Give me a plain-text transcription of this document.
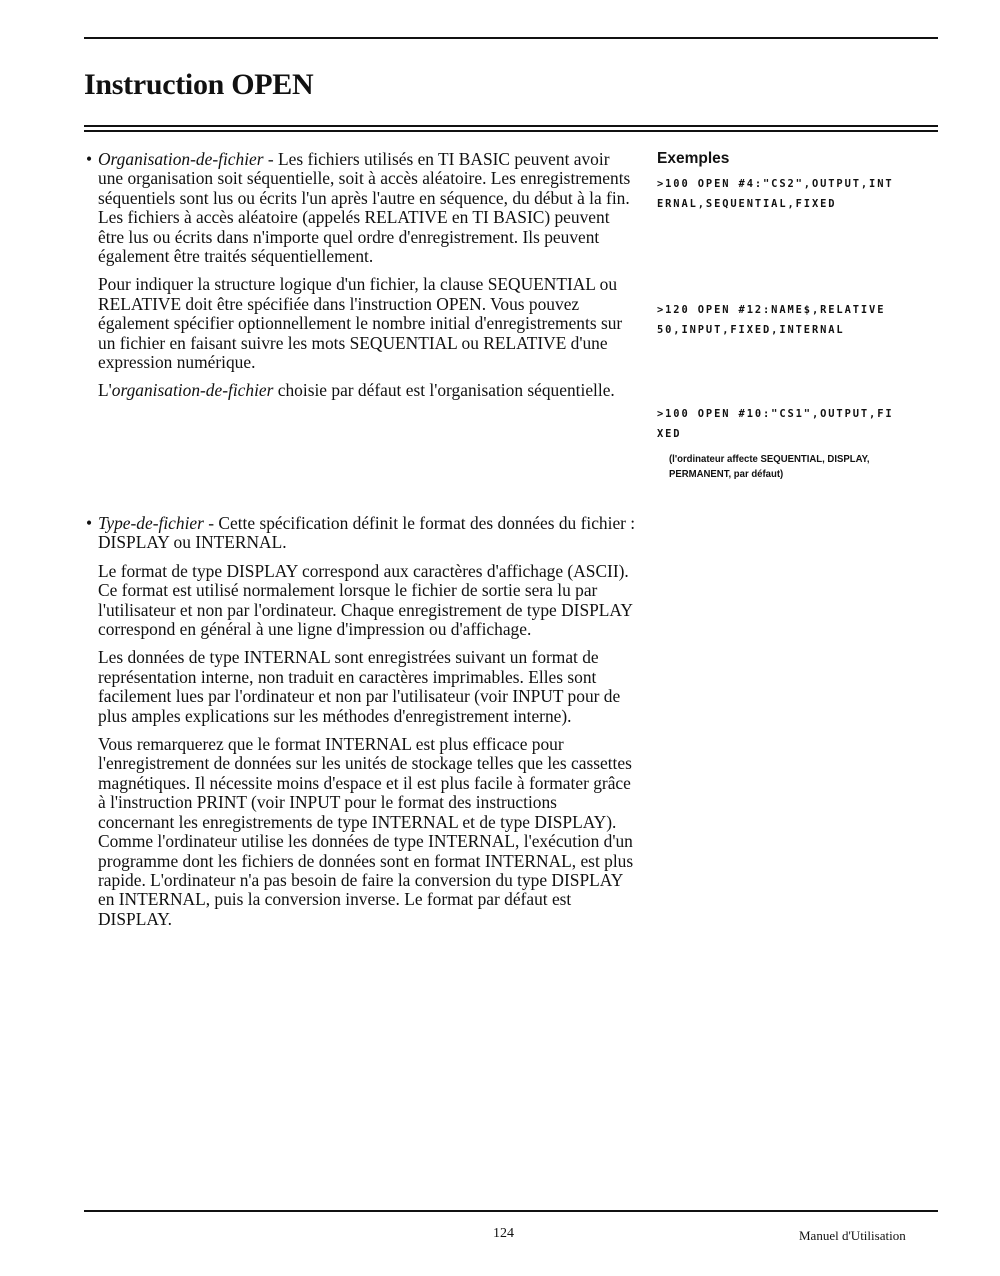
Instruction OPEN

• Organisation-de-fichier - Les fichiers utilisés en TI BASIC peuvent avoir une organisation soit séquentielle, soit à accès aléatoire. Les enregistrements séquentiels sont lus ou écrits l'un après l'autre en séquence, du début à la fin. Les fichiers à accès aléatoire (appelés RELATIVE en TI BASIC) peuvent être lus ou écrits dans n'importe quel ordre d'enregistrement. Ils peuvent également être traités séquentiellement.

Pour indiquer la structure logique d'un fichier, la clause SEQUENTIAL ou RELATIVE doit être spécifiée dans l'instruction OPEN. Vous pouvez également spécifier optionnellement le nombre initial d'enregistrements sur un fichier en faisant suivre les mots SEQUENTIAL ou RELATIVE d'une expression numérique.

L'organisation-de-fichier choisie par défaut est l'organisation séquentielle.

• Type-de-fichier - Cette spécification définit le format des données du fichier : DISPLAY ou INTERNAL.

Le format de type DISPLAY correspond aux caractères d'affichage (ASCII). Ce format est utilisé normalement lorsque le fichier de sortie sera lu par l'utilisateur et non par l'ordinateur. Chaque enregistrement de type DISPLAY correspond en général à une ligne d'impression ou d'affichage.

Les données de type INTERNAL sont enregistrées suivant un format de représentation interne, non traduit en caractères imprimables. Elles sont facilement lues par l'ordinateur et non par l'utilisateur (voir INPUT pour de plus amples explications sur les méthodes d'enregistrement interne).

Vous remarquerez que le format INTERNAL est plus efficace pour l'enregistrement de données sur les unités de stockage telles que les cassettes magnétiques. Il nécessite moins d'espace et il est plus facile à formater grâce à l'instruction PRINT (voir INPUT pour le format des instructions concernant les enregistrements de type INTERNAL et de type DISPLAY). Comme l'ordinateur utilise les données de type INTERNAL, l'exécution d'un programme dont les fichiers de données sont en format INTERNAL, est plus rapide. L'ordinateur n'a pas besoin de faire la conversion du type DISPLAY en INTERNAL, puis la conversion inverse. Le format par défaut est DISPLAY.

Exemples
>100 OPEN #4:"CS2",OUTPUT,INT
ERNAL,SEQUENTIAL,FIXED
>120 OPEN #12:NAME$,RELATIVE
50,INPUT,FIXED,INTERNAL
>100 OPEN #10:"CS1",OUTPUT,FI
XED

(l'ordinateur affecte SEQUENTIAL, DISPLAY, PERMANENT, par défaut)

124	Manuel d'Utilisation
